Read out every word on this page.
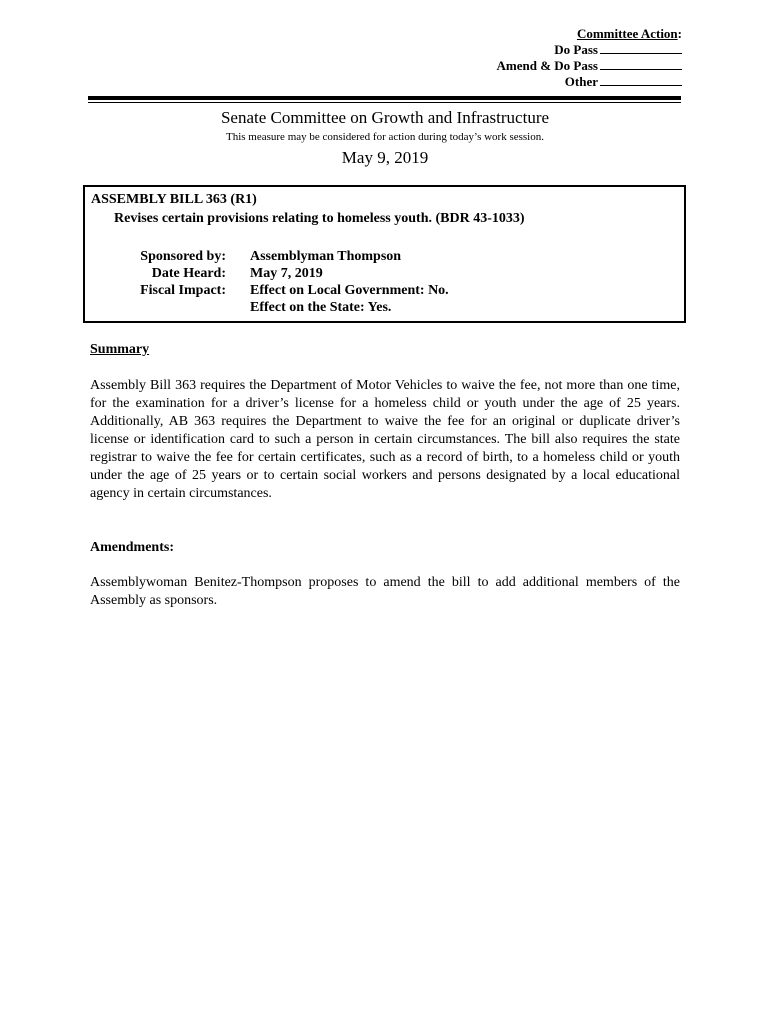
Committee Action:
Do Pass
Amend & Do Pass
Other
Senate Committee on Growth and Infrastructure
This measure may be considered for action during today’s work session.
May 9, 2019
ASSEMBLY BILL 363 (R1)
Revises certain provisions relating to homeless youth. (BDR 43-1033)
Sponsored by: Assemblyman Thompson
Date Heard: May 7, 2019
Fiscal Impact: Effect on Local Government: No.
Effect on the State: Yes.
Summary
Assembly Bill 363 requires the Department of Motor Vehicles to waive the fee, not more than one time, for the examination for a driver’s license for a homeless child or youth under the age of 25 years. Additionally, AB 363 requires the Department to waive the fee for an original or duplicate driver’s license or identification card to such a person in certain circumstances. The bill also requires the state registrar to waive the fee for certain certificates, such as a record of birth, to a homeless child or youth under the age of 25 years or to certain social workers and persons designated by a local educational agency in certain circumstances.
Amendments:
Assemblywoman Benitez-Thompson proposes to amend the bill to add additional members of the Assembly as sponsors.
